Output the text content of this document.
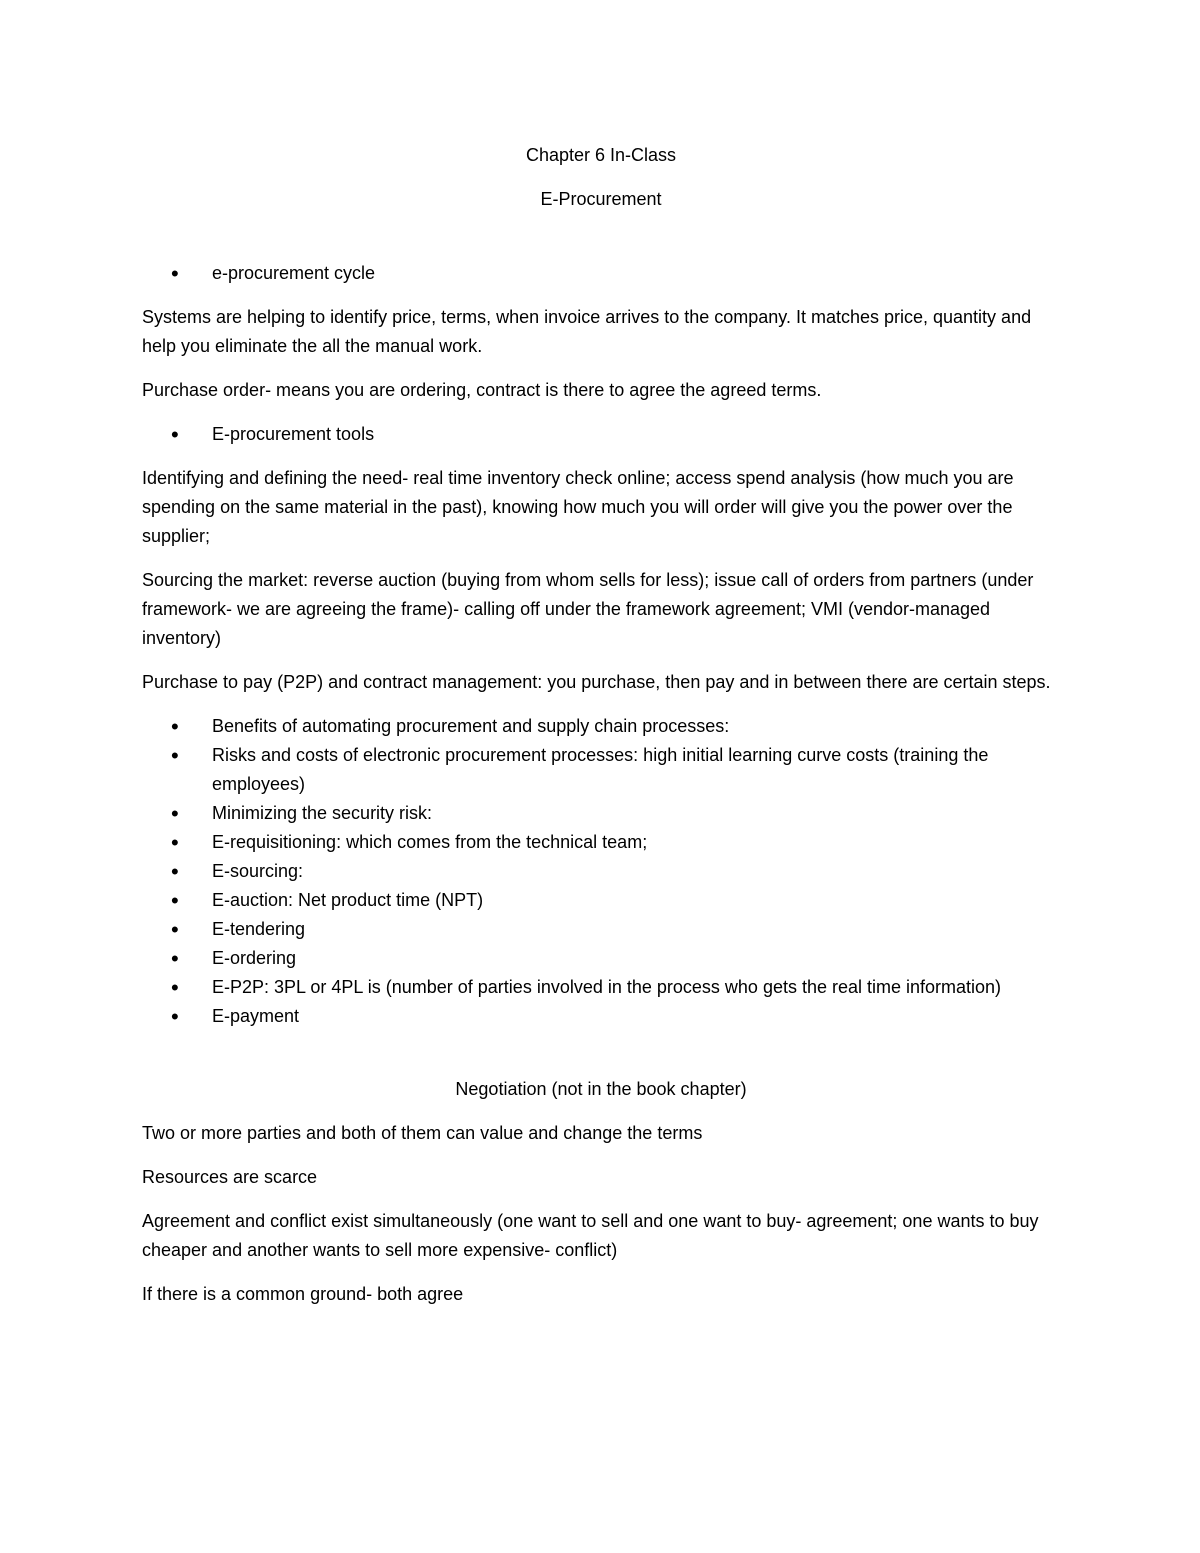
Chapter 6 In-Class

E-Procurement

• e-procurement cycle

Systems are helping to identify price, terms, when invoice arrives to the company. It matches price, quantity and help you eliminate the all the manual work.

Purchase order- means you are ordering, contract is there to agree the agreed terms.

• E-procurement tools

Identifying and defining the need- real time inventory check online; access spend analysis (how much you are spending on the same material in the past), knowing how much you will order will give you the power over the supplier;

Sourcing the market: reverse auction (buying from whom sells for less); issue call of orders from partners (under framework- we are agreeing the frame)- calling off under the framework agreement; VMI (vendor-managed inventory)

Purchase to pay (P2P) and contract management: you purchase, then pay and in between there are certain steps.

• Benefits of automating procurement and supply chain processes:
• Risks and costs of electronic procurement processes: high initial learning curve costs (training the employees)
• Minimizing the security risk:
• E-requisitioning: which comes from the technical team;
• E-sourcing:
• E-auction: Net product time (NPT)
• E-tendering
• E-ordering
• E-P2P: 3PL or 4PL is (number of parties involved in the process who gets the real time information)
• E-payment

Negotiation (not in the book chapter)

Two or more parties and both of them can value and change the terms

Resources are scarce

Agreement and conflict exist simultaneously (one want to sell and one want to buy- agreement; one wants to buy cheaper and another wants to sell more expensive- conflict)

If there is a common ground- both agree
